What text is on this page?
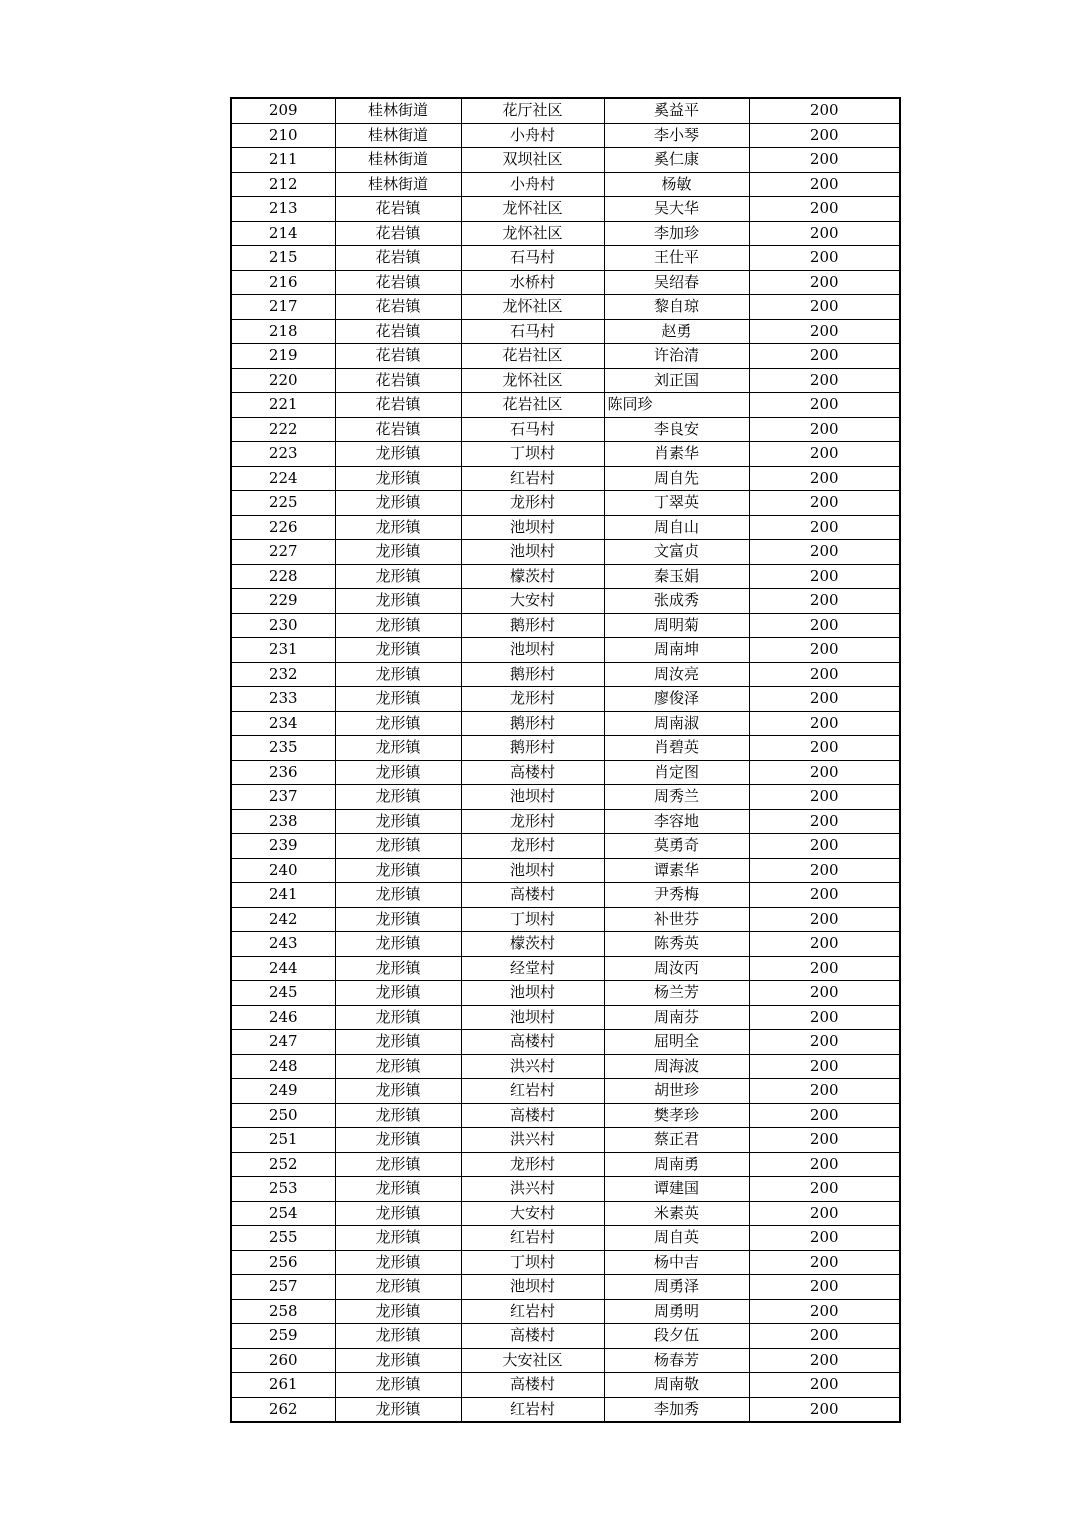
209	桂林街道	花厅社区	奚益平	200
210	桂林街道	小舟村	李小琴	200
211	桂林街道	双坝社区	奚仁康	200
212	桂林街道	小舟村	杨敏	200
213	花岩镇	龙怀社区	吴大华	200
214	花岩镇	龙怀社区	李加珍	200
215	花岩镇	石马村	王仕平	200
216	花岩镇	水桥村	吴绍春	200
217	花岩镇	龙怀社区	黎自琼	200
218	花岩镇	石马村	赵勇	200
219	花岩镇	花岩社区	许治清	200
220	花岩镇	龙怀社区	刘正国	200
221	花岩镇	花岩社区	陈同珍	200
222	花岩镇	石马村	李良安	200
223	龙形镇	丁坝村	肖素华	200
224	龙形镇	红岩村	周自先	200
225	龙形镇	龙形村	丁翠英	200
226	龙形镇	池坝村	周自山	200
227	龙形镇	池坝村	文富贞	200
228	龙形镇	檬茨村	秦玉娟	200
229	龙形镇	大安村	张成秀	200
230	龙形镇	鹅形村	周明菊	200
231	龙形镇	池坝村	周南坤	200
232	龙形镇	鹅形村	周汝亮	200
233	龙形镇	龙形村	廖俊泽	200
234	龙形镇	鹅形村	周南淑	200
235	龙形镇	鹅形村	肖碧英	200
236	龙形镇	高楼村	肖定图	200
237	龙形镇	池坝村	周秀兰	200
238	龙形镇	龙形村	李容地	200
239	龙形镇	龙形村	莫勇奇	200
240	龙形镇	池坝村	谭素华	200
241	龙形镇	高楼村	尹秀梅	200
242	龙形镇	丁坝村	补世芬	200
243	龙形镇	檬茨村	陈秀英	200
244	龙形镇	经堂村	周汝丙	200
245	龙形镇	池坝村	杨兰芳	200
246	龙形镇	池坝村	周南芬	200
247	龙形镇	高楼村	屈明全	200
248	龙形镇	洪兴村	周海波	200
249	龙形镇	红岩村	胡世珍	200
250	龙形镇	高楼村	樊孝珍	200
251	龙形镇	洪兴村	蔡正君	200
252	龙形镇	龙形村	周南勇	200
253	龙形镇	洪兴村	谭建国	200
254	龙形镇	大安村	米素英	200
255	龙形镇	红岩村	周自英	200
256	龙形镇	丁坝村	杨中吉	200
257	龙形镇	池坝村	周勇泽	200
258	龙形镇	红岩村	周勇明	200
259	龙形镇	高楼村	段夕伍	200
260	龙形镇	大安社区	杨春芳	200
261	龙形镇	高楼村	周南敬	200
262	龙形镇	红岩村	李加秀	200
